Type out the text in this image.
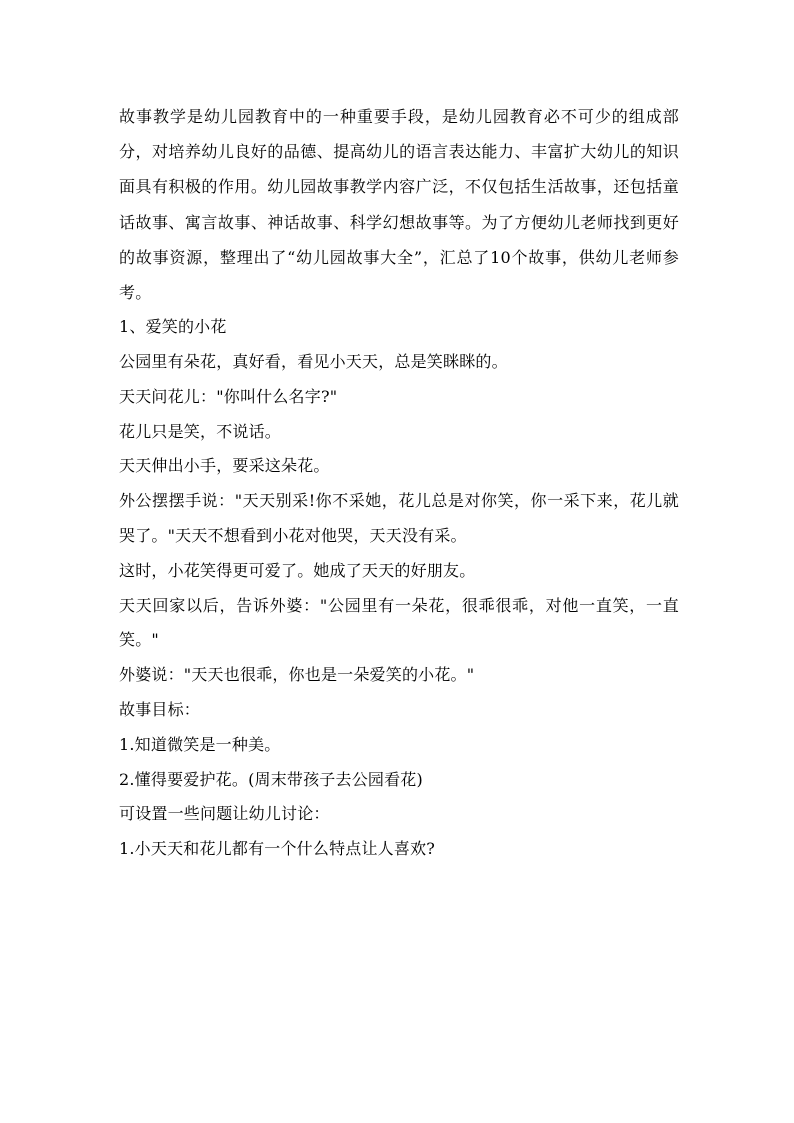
故事教学是幼儿园教育中的一种重要手段，是幼儿园教育必不可少的组成部分，对培养幼儿良好的品德、提高幼儿的语言表达能力、丰富扩大幼儿的知识面具有积极的作用。幼儿园故事教学内容广泛，不仅包括生活故事，还包括童话故事、寓言故事、神话故事、科学幻想故事等。为了方便幼儿老师找到更好的故事资源，整理出了“幼儿园故事大全”，汇总了10个故事，供幼儿老师参考。

1、爱笑的小花

公园里有朵花，真好看，看见小天天，总是笑眯眯的。

天天问花儿："你叫什么名字?"

花儿只是笑，不说话。

天天伸出小手，要采这朵花。

外公摆摆手说："天天别采!你不采她，花儿总是对你笑，你一采下来，花儿就哭了。"天天不想看到小花对他哭，天天没有采。

这时，小花笑得更可爱了。她成了天天的好朋友。

天天回家以后，告诉外婆："公园里有一朵花，很乖很乖，对他一直笑，一直笑。"

外婆说："天天也很乖，你也是一朵爱笑的小花。"

故事目标：

1.知道微笑是一种美。

2.懂得要爱护花。(周末带孩子去公园看花)

可设置一些问题让幼儿讨论：

1.小天天和花儿都有一个什么特点让人喜欢?
